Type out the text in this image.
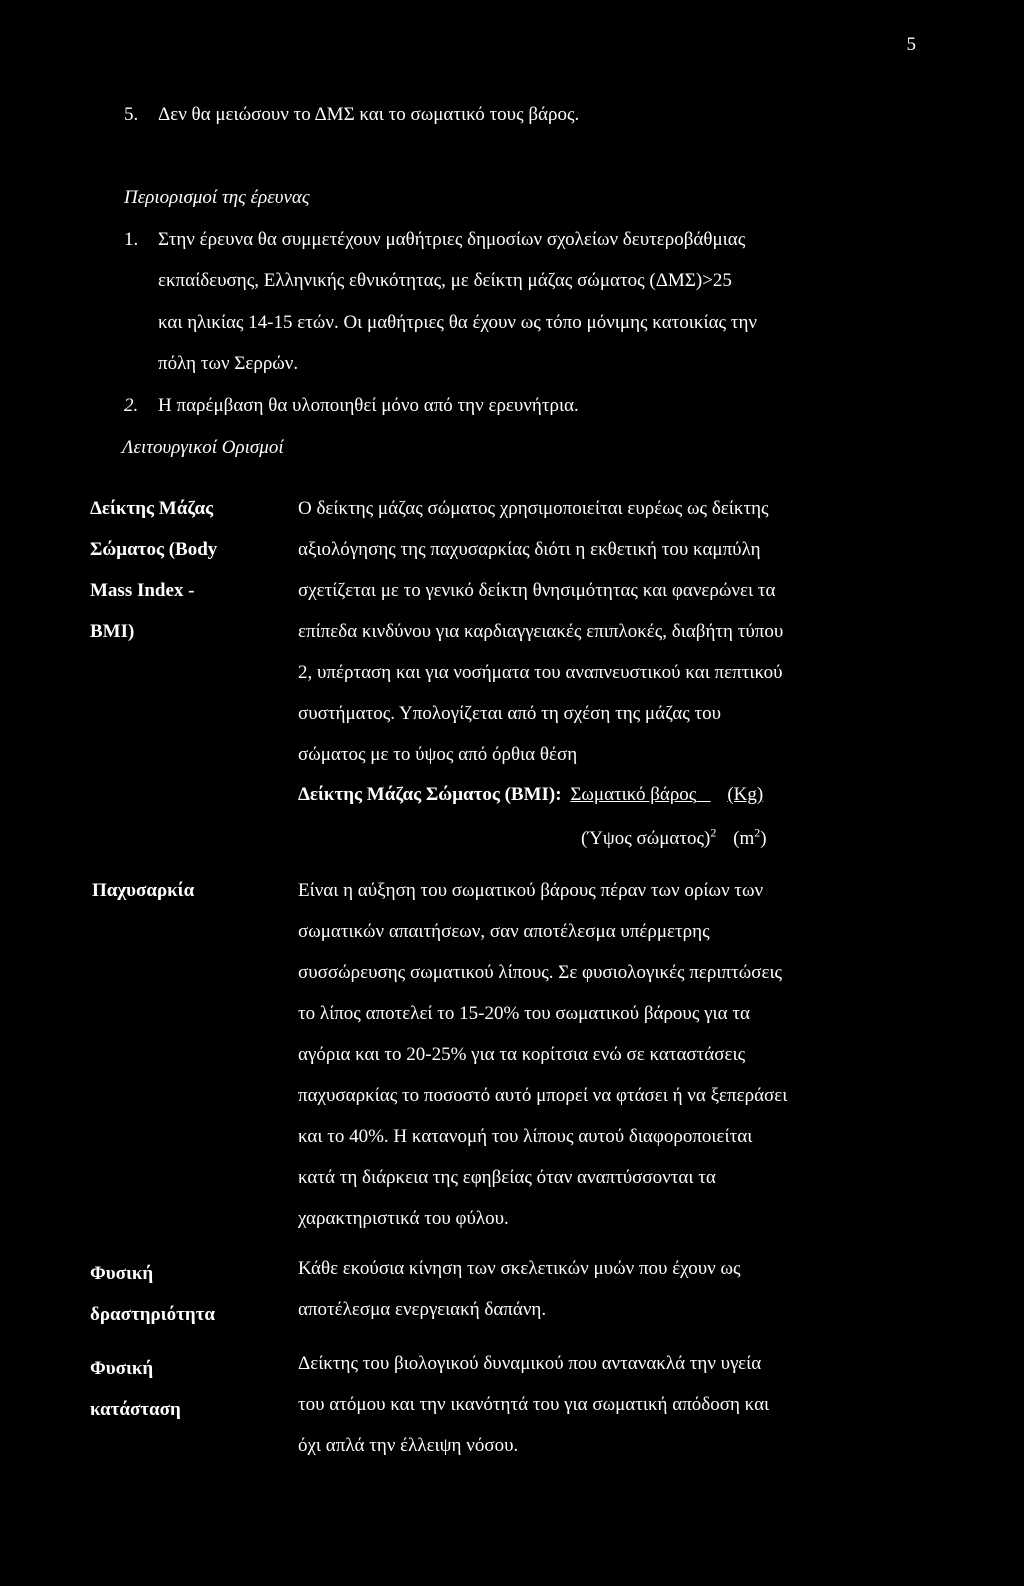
5
5. Δεν θα μειώσουν το ΔΜΣ και το σωματικό τους βάρος.
Περιορισμοί της έρευνας
1. Στην έρευνα θα συμμετέχουν μαθήτριες δημοσίων σχολείων δευτεροβάθμιας
εκπαίδευσης, Ελληνικής εθνικότητας, με δείκτη μάζας σώματος (ΔΜΣ)>25
και ηλικίας 14-15 ετών. Οι μαθήτριες θα έχουν ως τόπο μόνιμης κατοικίας την
πόλη των Σερρών.
2. Η παρέμβαση θα υλοποιηθεί μόνο από την ερευνήτρια.
Λειτουργικοί Ορισμοί
Δείκτης Μάζας
Σώματος (Body
Mass Index -
BMI)
Ο δείκτης μάζας σώματος χρησιμοποιείται ευρέως ως δείκτης
αξιολόγησης της παχυσαρκίας διότι η εκθετική του καμπύλη
σχετίζεται με το γενικό δείκτη θνησιμότητας και φανερώνει τα
επίπεδα κινδύνου για καρδιαγγειακές επιπλοκές, διαβήτη τύπου
2, υπέρταση και για νοσήματα του αναπνευστικού και πεπτικού
συστήματος. Υπολογίζεται από τη σχέση της μάζας του
σώματος με το ύψος από όρθια θέση
Δείκτης Μάζας Σώματος (BMI): Σωματικό βάρος (Kg)
(Ύψος σώματος)$^2$ $(m^2)$
Παχυσαρκία	Είναι η αύξηση του σωματικού βάρους πέραν των ορίων των
σωματικών απαιτήσεων, σαν αποτέλεσμα υπέρμετρης
συσσώρευσης σωματικού λίπους. Σε φυσιολογικές περιπτώσεις
το λίπος αποτελεί το 15-20% του σωματικού βάρους για τα
αγόρια και το 20-25% για τα κορίτσια ενώ σε καταστάσεις
παχυσαρκίας το ποσοστό αυτό μπορεί να φτάσει ή να ξεπεράσει
και το 40%. Η κατανομή του λίπους αυτού διαφοροποιείται
κατά τη διάρκεια της εφηβείας όταν αναπτύσσονται τα
χαρακτηριστικά του φύλου.
Φυσική
δραστηριότητα
Κάθε εκούσια κίνηση των σκελετικών μυών που έχουν ως
αποτέλεσμα ενεργειακή δαπάνη.
Φυσική
κατάσταση
Δείκτης του βιολογικού δυναμικού που αντανακλά την υγεία
του ατόμου και την ικανότητά του για σωματική απόδοση και
όχι απλά την έλλειψη νόσου.
